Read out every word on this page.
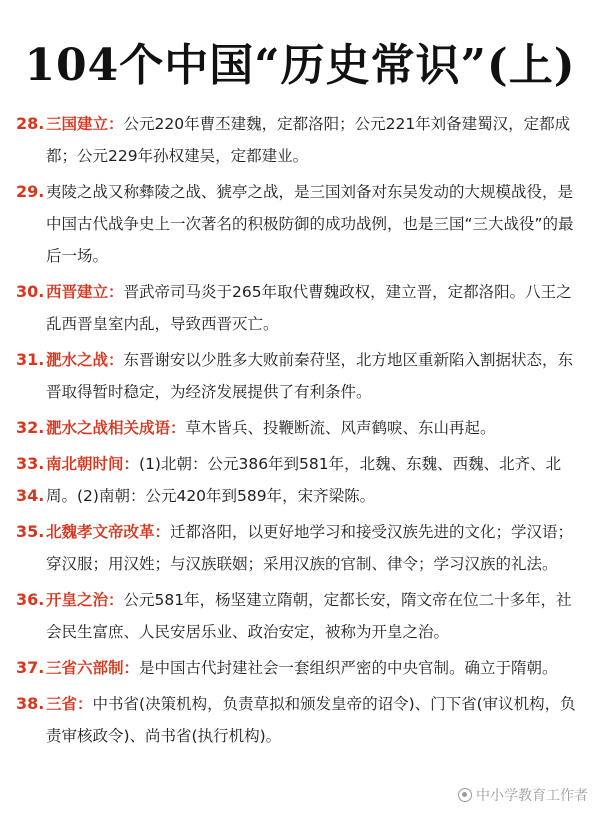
104个中国“历史常识”(上)
28. 三国建立：公元220年曹丕建魏，定都洛阳；公元221年刘备建蜀汉，定都成都；公元229年孙权建吴，定都建业。
29. 夷陵之战又称彝陵之战、猇亭之战，是三国刘备对东吴发动的大规模战役，是中国古代战争史上一次著名的积极防御的成功战例，也是三国“三大战役”的最后一场。
30. 西晋建立：晋武帝司马炎于265年取代曹魏政权，建立晋，定都洛阳。八王之乱西晋皇室内乱，导致西晋灭亡。
31. 淝水之战：东晋谢安以少胜多大败前秦苻坚，北方地区重新陷入割据状态，东晋取得暂时稳定，为经济发展提供了有利条件。
32. 淝水之战相关成语：草木皆兵、投鞭断流、风声鹤唳、东山再起。
33.
34.
南北朝时间：(1)北朝：公元386年到581年，北魏、东魏、西魏、北齐、北周。(2)南朝：公元420年到589年，宋齐梁陈。
35. 北魏孝文帝改革：迁都洛阳，以更好地学习和接受汉族先进的文化；学汉语；穿汉服；用汉姓；与汉族联姻；采用汉族的官制、律令；学习汉族的礼法。
36. 开皇之治：公元581年，杨坚建立隋朝，定都长安，隋文帝在位二十多年，社会民生富庶、人民安居乐业、政治安定，被称为开皇之治。
37. 三省六部制：是中国古代封建社会一套组织严密的中央官制。确立于隋朝。
38. 三省：中书省(决策机构，负责草拟和颁发皇帝的诏令)、门下省(审议机构，负责审核政令)、尚书省(执行机构)。
中小学教育工作者
